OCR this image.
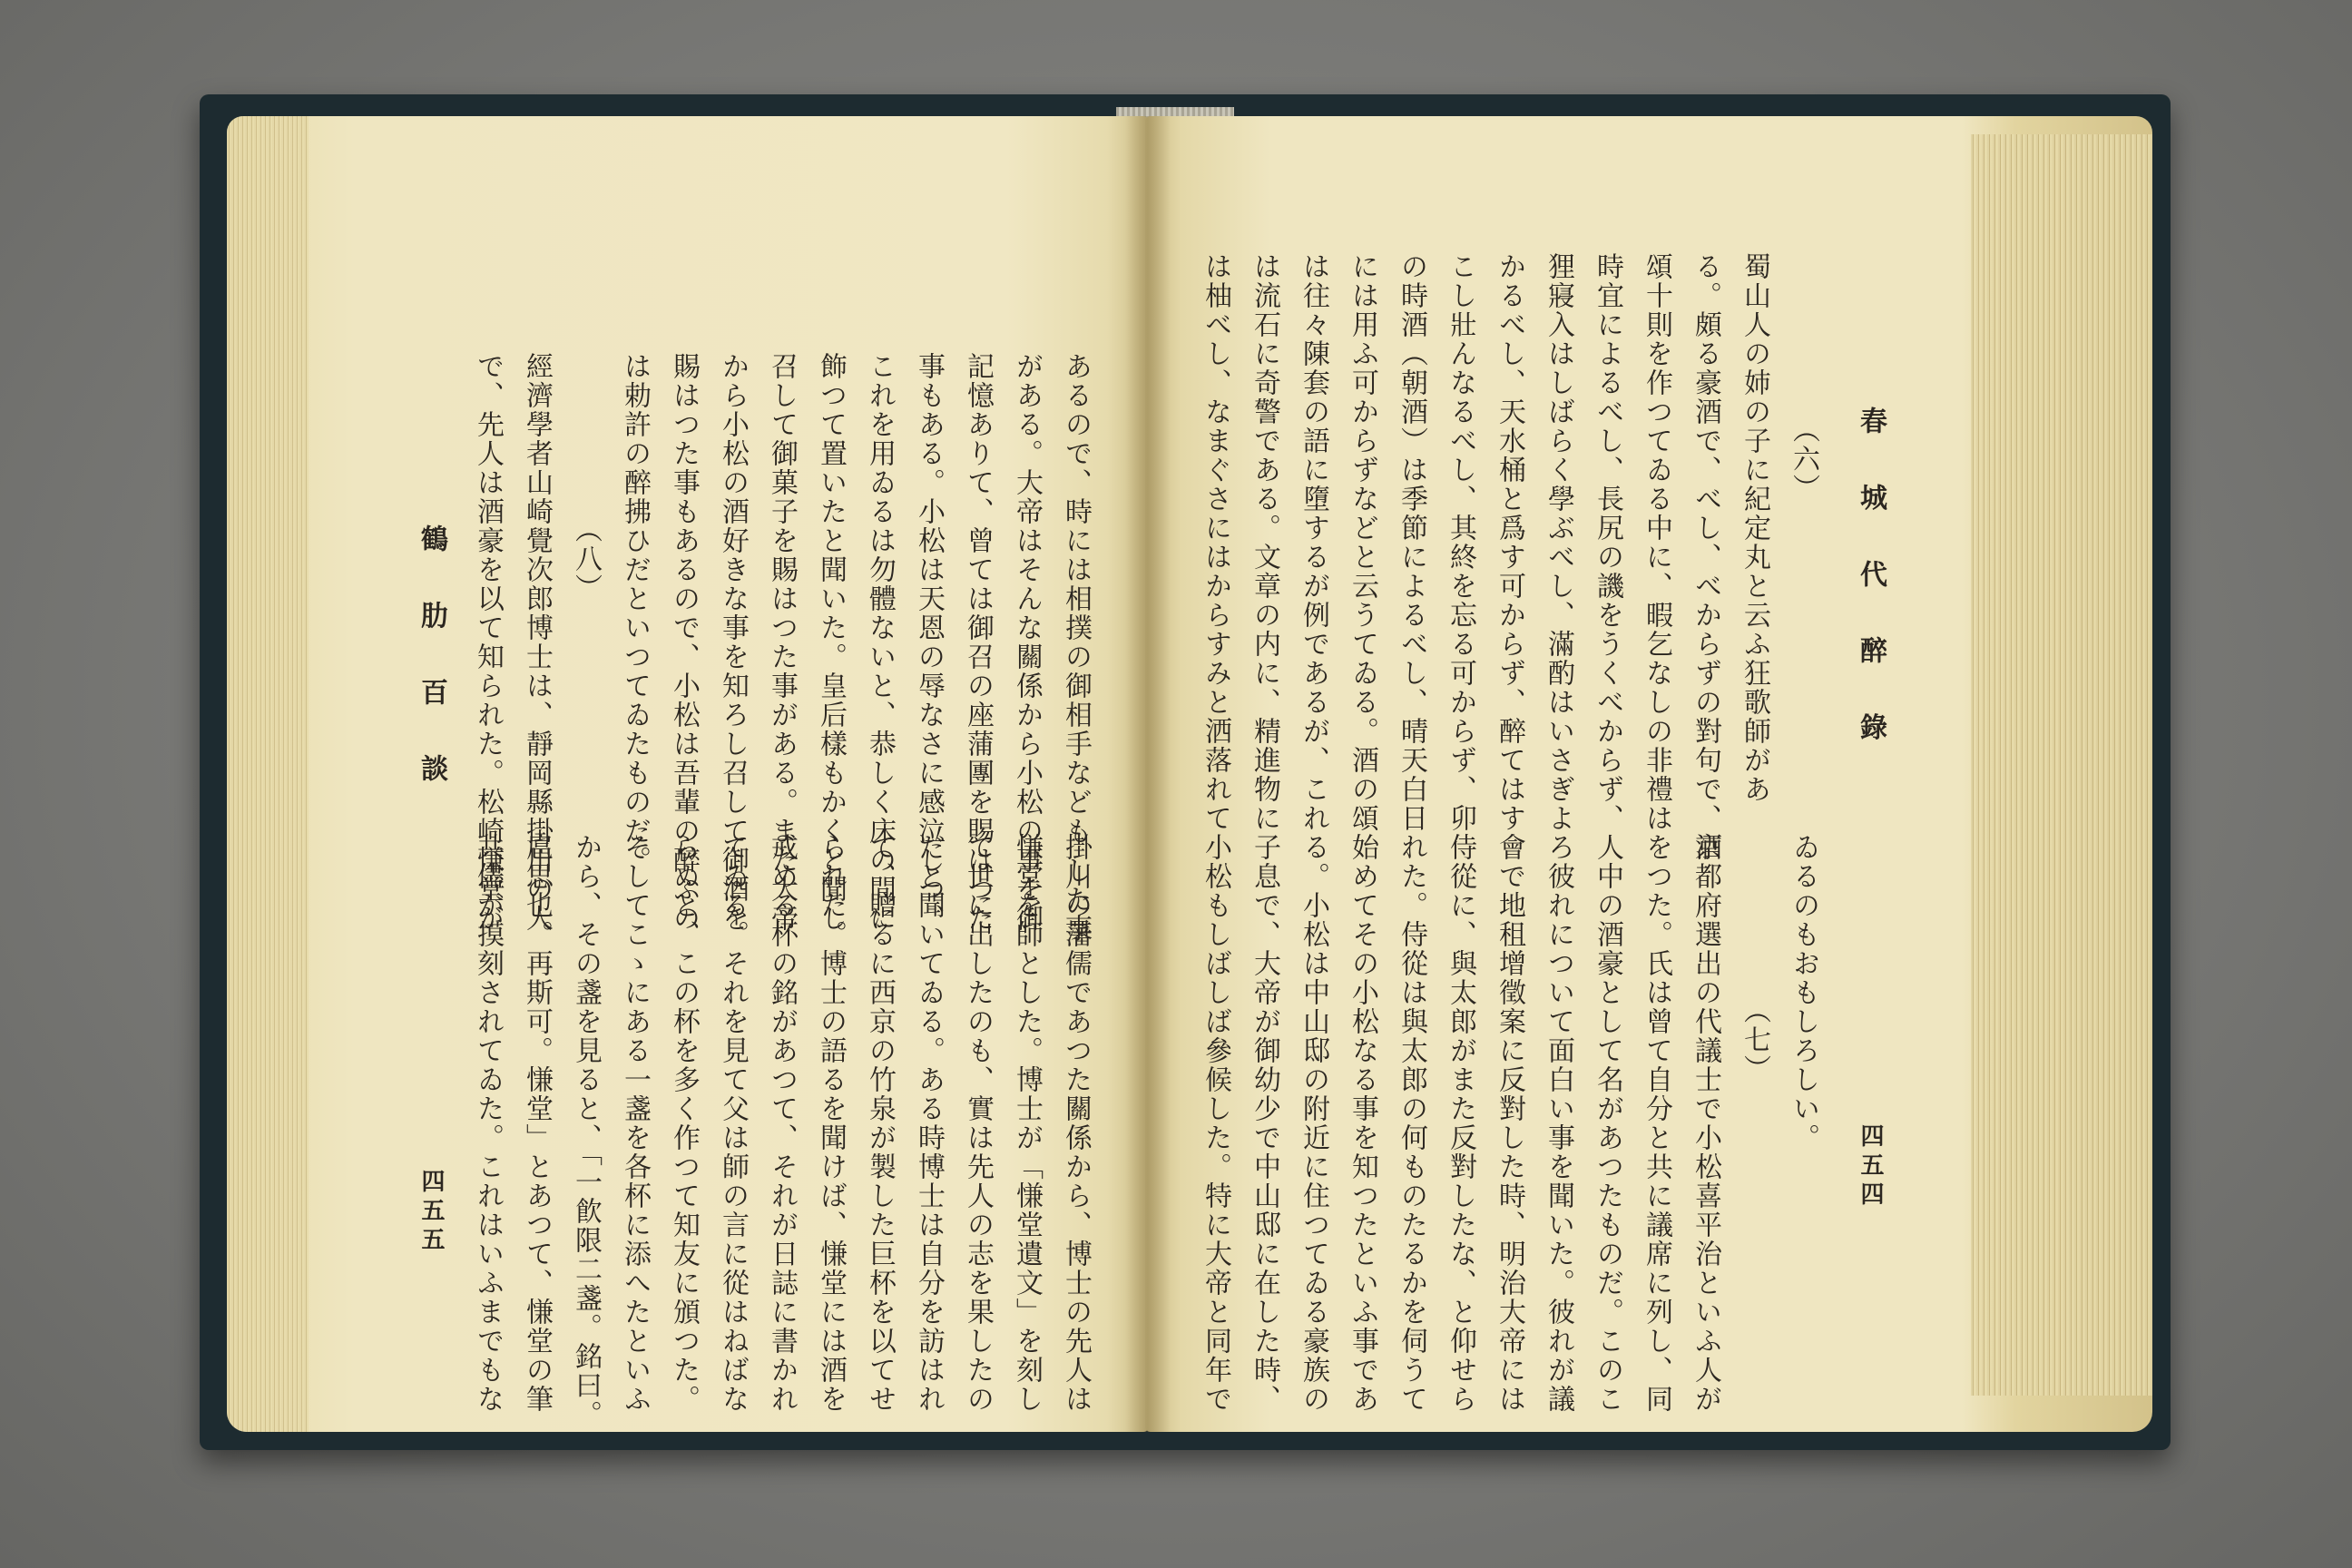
あるので、時には相撲の御相手なども した事
がある。大帝はそんな關係から小松の事を御
記憶ありて、曾ては御召の座蒲團を賜はつた
事もある。小松は天恩の辱なさに感泣しつ、
これを用ゐるは勿體ないと、恭しく床の間に
飾つて置いたと聞いた。皇后樣もかくと聞し
召して御菓子を賜はつた事がある。また大帝
から小松の酒好きな事を知ろし召して御酒を
賜はつた事もあるので、小松は吾輩の醉ふの
は勅許の醉拂ひだといつてゐたものだ。
（八）
經濟學者山崎覺次郎博士は、靜岡縣掛川の人
で、先人は酒豪を以て知られた。松崎慊堂が
掛川の藩儒であつた關係から、博士の先人は
慊堂を師とした。博士が「慊堂遺文」を刻し
て世に出したのも、實は先人の志を果したの
だと聞いてゐる。ある時博士は自分を訪はれ
て、贈るに西京の竹泉が製した巨杯を以てせ
られた。博士の語るを聞けば、慊堂には酒を
戒める杯の銘があつて、それが日誌に書かれ
てゐる。それを見て父は師の言に從はねばな
らぬと、この杯を多く作つて知友に頒つた。
そしてこゝにある一盞を各杯に添へたといふ
から、その盞を見ると、「一飮限二盞。銘曰。
扈思也。再斯可。慊堂」とあつて、慊堂の筆
共儘が摸刻されてゐた。これはいふまでもな
鶴 肋 百 談
四五五
（六）
蜀山人の姉の子に紀定丸と云ふ狂歌師があ
る。頗る豪酒で、べし、べからずの對句で、酒
頌十則を作つてゐる中に、暇乞なしの非禮は
時宜によるべし、長尻の譏をうくべからず、
狸寢入はしばらく學ぶべし、滿酌はいさぎよ
かるべし、天水桶と爲す可からず、醉てはす
こし壯んなるべし、其終を忘る可からず、卯
の時酒（朝酒）は季節によるべし、晴天白日
には用ふ可からずなどと云うてゐる。酒の頌
は往々陳套の語に墮するが例であるが、これ
は流石に奇警である。文章の内に、精進物に
は柚べし、なまぐさにはからすみと洒落れて
ゐるのもおもしろしい。
（七）
京都府選出の代議士で小松喜平治といふ人が
をつた。氏は曾て自分と共に議席に列し、同
人中の酒豪として名があつたものだ。このこ
ろ彼れについて面白い事を聞いた。彼れが議
會で地租增徵案に反對した時、明治大帝には
侍從に、與太郎がまた反對したな、と仰せら
れた。侍從は與太郎の何ものたるかを伺うて
始めてその小松なる事を知つたといふ事であ
る。小松は中山邸の附近に住つてゐる豪族の
子息で、大帝が御幼少で中山邸に在した時、
小松もしばしば參候した。特に大帝と同年で
春 城 代 醉 錄
四五四
